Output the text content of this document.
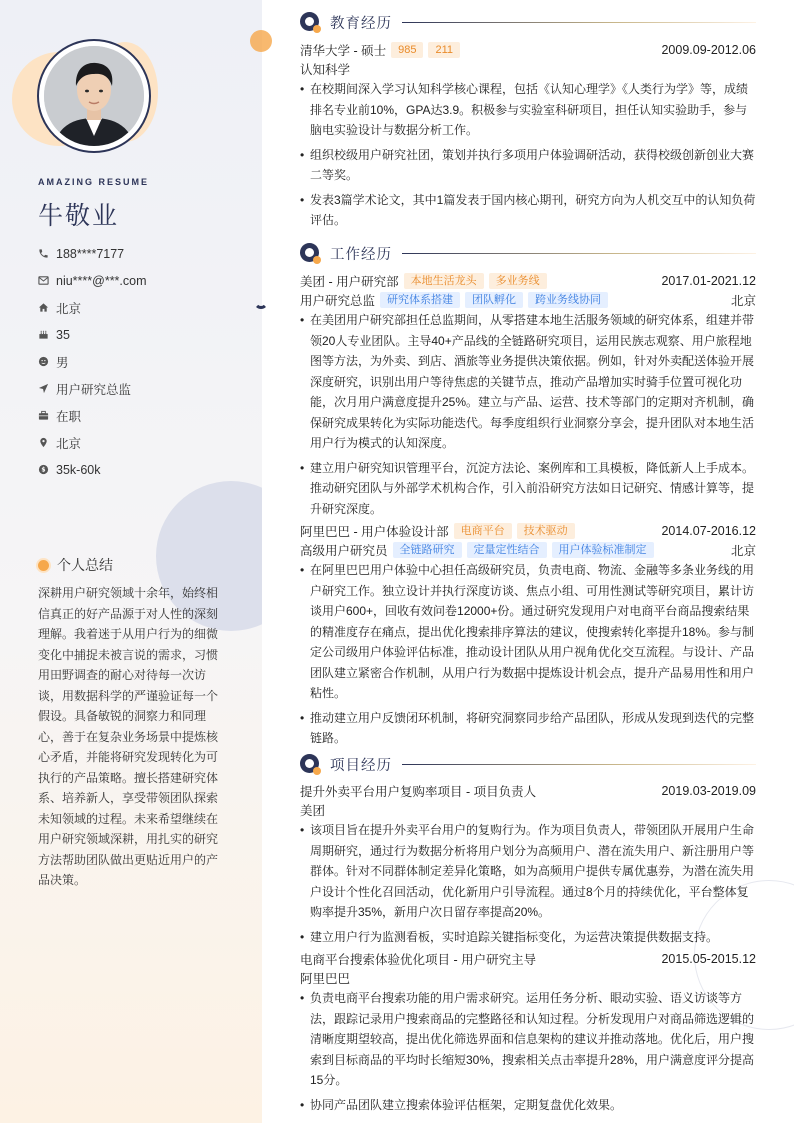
AMAZING RESUME
牛敬业
188****7177
niu****@***.com
北京
35
男
用户研究总监
在职
北京
$ 35k-60k
个人总结

深耕用户研究领域十余年，始终相信真正的好产品源于对人性的深刻理解。我着迷于从用户行为的细微变化中捕捉未被言说的需求，习惯用田野调查的耐心对待每一次访谈，用数据科学的严谨验证每一个假设。具备敏锐的洞察力和同理心，善于在复杂业务场景中提炼核心矛盾，并能将研究发现转化为可执行的产品策略。擅长搭建研究体系、培养新人，享受带领团队探索未知领域的过程。未来希望继续在用户研究领域深耕，用扎实的研究方法帮助团队做出更贴近用户的产品决策。

教育经历
清华大学 - 硕士	985	211	2009.09-2012.06
认知科学
• 在校期间深入学习认知科学核心课程，包括《认知心理学》《人类行为学》等，成绩排名专业前10%，GPA达3.9。积极参与实验室科研项目，担任认知实验助手，参与脑电实验设计与数据分析工作。
• 组织校级用户研究社团，策划并执行多项用户体验调研活动，获得校级创新创业大赛二等奖。
• 发表3篇学术论文，其中1篇发表于国内核心期刊，研究方向为人机交互中的认知负荷评估。
工作经历
美团 - 用户研究部	本地生活龙头	多业务线	2017.01-2021.12
用户研究总监	研究体系搭建	团队孵化	跨业务线协同	北京
• 在美团用户研究部担任总监期间，从零搭建本地生活服务领域的研究体系，组建并带领20人专业团队。主导40+产品线的全链路研究项目，运用民族志观察、用户旅程地图等方法，为外卖、到店、酒旅等业务提供决策依据。例如，针对外卖配送体验开展深度研究，识别出用户等待焦虑的关键节点，推动产品增加实时骑手位置可视化功能，次月用户满意度提升25%。建立与产品、运营、技术等部门的定期对齐机制，确保研究成果转化为实际功能迭代。每季度组织行业洞察分享会，提升团队对本地生活用户行为模式的认知深度。
• 建立用户研究知识管理平台，沉淀方法论、案例库和工具模板，降低新人上手成本。推动研究团队与外部学术机构合作，引入前沿研究方法如日记研究、情感计算等，提升研究深度。
阿里巴巴 - 用户体验设计部	电商平台	技术驱动	2014.07-2016.12
高级用户研究员	全链路研究	定量定性结合	用户体验标准制定	北京
• 在阿里巴巴用户体验中心担任高级研究员，负责电商、物流、金融等多条业务线的用户研究工作。独立设计并执行深度访谈、焦点小组、可用性测试等研究项目，累计访谈用户600+，回收有效问卷12000+份。通过研究发现用户对电商平台商品搜索结果的精准度存在痛点，提出优化搜索排序算法的建议，使搜索转化率提升18%。参与制定公司级用户体验评估标准，推动设计团队从用户视角优化交互流程。与设计、产品团队建立紧密合作机制，从用户行为数据中提炼设计机会点，提升产品易用性和用户粘性。
• 推动建立用户反馈闭环机制，将研究洞察同步给产品团队，形成从发现到迭代的完整链路。
项目经历
提升外卖平台用户复购率项目 - 项目负责人	2019.03-2019.09
美团
• 该项目旨在提升外卖平台用户的复购行为。作为项目负责人，带领团队开展用户生命周期研究，通过行为数据分析将用户划分为高频用户、潜在流失用户、新注册用户等群体。针对不同群体制定差异化策略，如为高频用户提供专属优惠券，为潜在流失用户设计个性化召回活动，优化新用户引导流程。通过8个月的持续优化，平台整体复购率提升35%，新用户次日留存率提高20%。
• 建立用户行为监测看板，实时追踪关键指标变化，为运营决策提供数据支持。
电商平台搜索体验优化项目 - 用户研究主导	2015.05-2015.12
阿里巴巴
• 负责电商平台搜索功能的用户需求研究。运用任务分析、眼动实验、语义访谈等方法，跟踪记录用户搜索商品的完整路径和认知过程。分析发现用户对商品筛选逻辑的清晰度期望较高，提出优化筛选界面和信息架构的建议并推动落地。优化后，用户搜索到目标商品的平均时长缩短30%，搜索相关点击率提升28%，用户满意度评分提高15分。
• 协同产品团队建立搜索体验评估框架，定期复盘优化效果。
